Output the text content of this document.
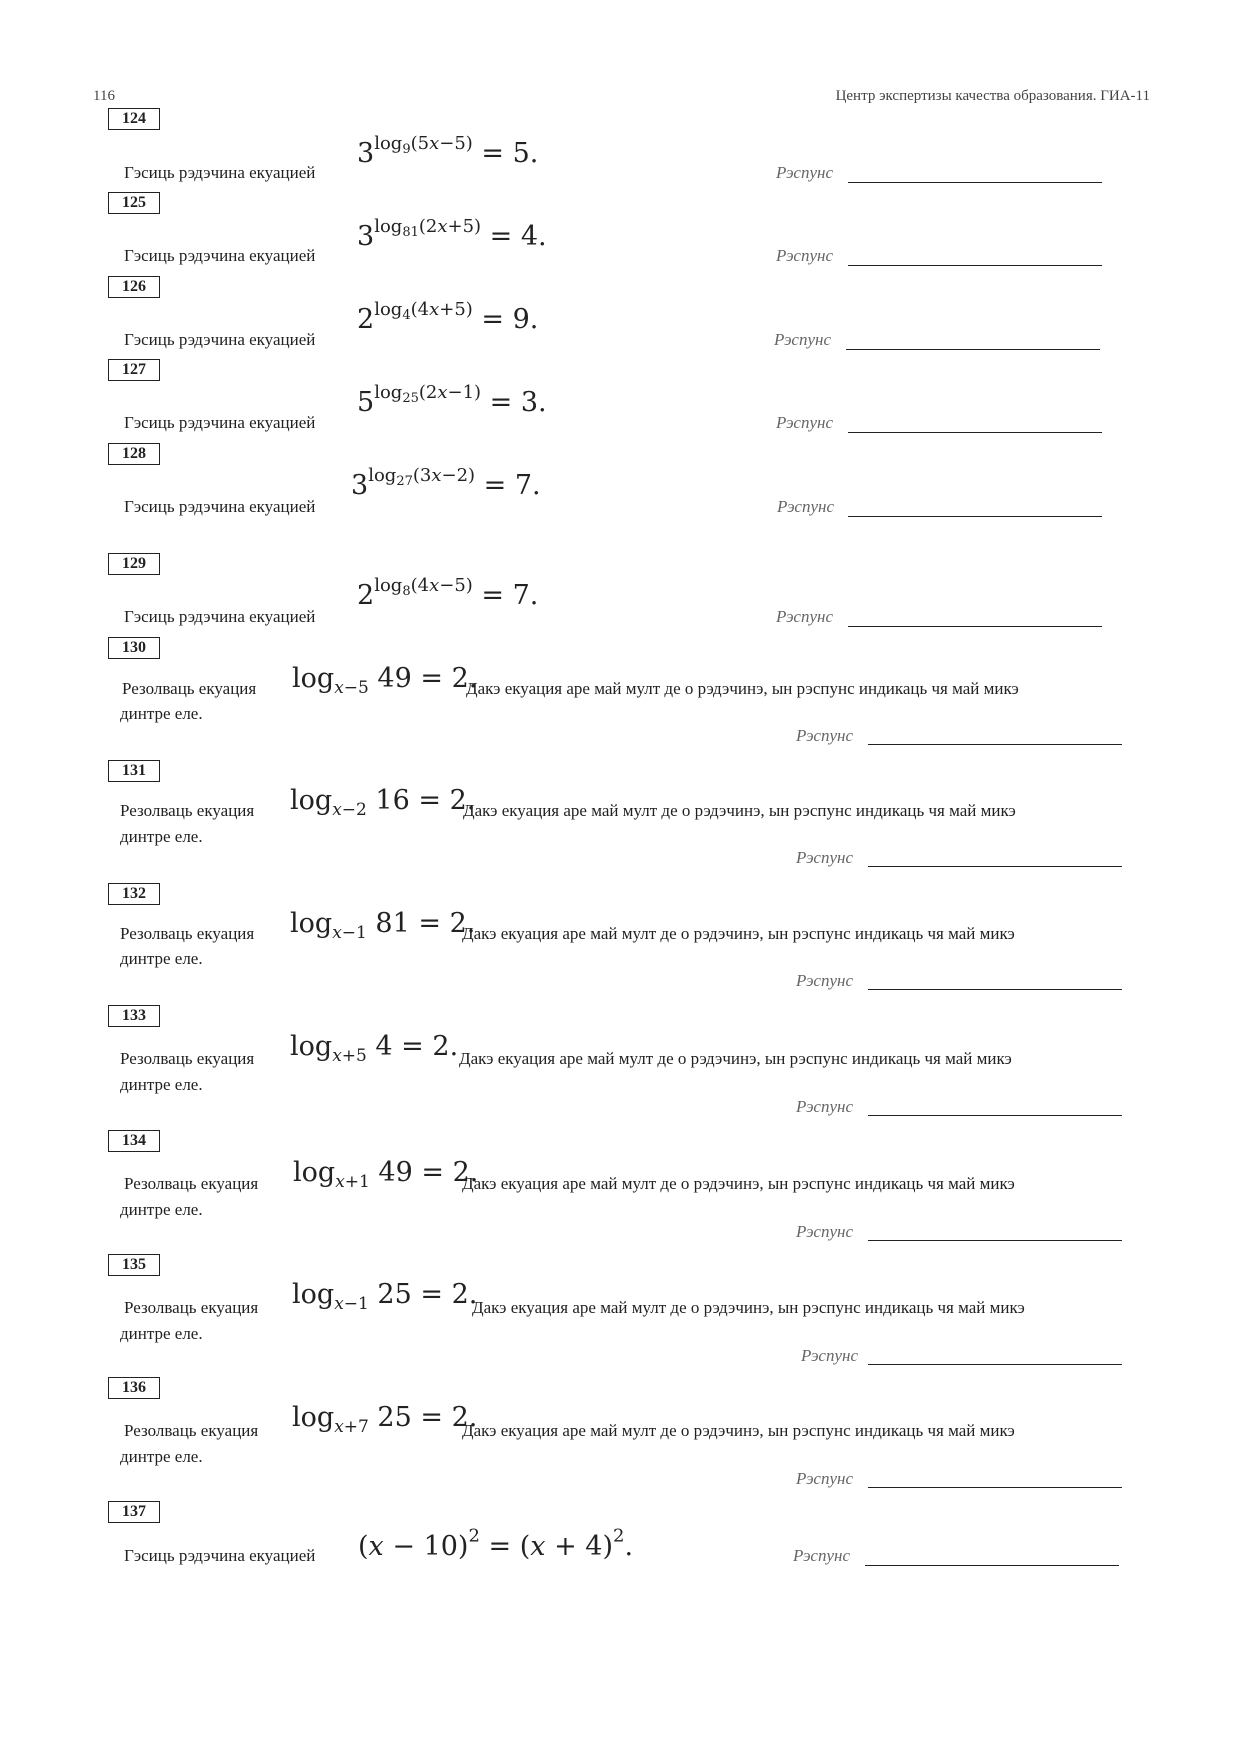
116	Центр экспертизы качества образования. ГИА-11
124
Гэсиць рэдэчина екуацией
$3^{log_9(5x-5)} = 5$.
Рэспунс
125
Гэсиць рэдэчина екуацией
$3^{log_{81}(2x+5)} = 4$.
Рэспунс
126
Гэсиць рэдэчина екуацией
$2^{log_4(4x+5)} = 9$.
Рэспунс
127
Гэсиць рэдэчина екуацией
$5^{log_{25}(2x-1)} = 3$.
Рэспунс
128
Гэсиць рэдэчина екуацией
$3^{log_{27}(3x-2)} = 7$.
Рэспунс
129
Гэсиць рэдэчина екуацией
$2^{log_8(4x-5)} = 7$.
Рэспунс
130
Резолваць екуация $\log_{x-5} 49 = 2$.
Дакэ екуация аре май мулт де о рэдэчинэ, ын рэспунс индикаць чя май микэ
динтре еле.
Рэспунс
131
Резолваць екуация $\log_{x-2} 16 = 2$.
Дакэ екуация аре май мулт де о рэдэчинэ, ын рэспунс индикаць чя май микэ
динтре еле.
Рэспунс
132
Резолваць екуация $\log_{x-1} 81 = 2$.
Дакэ екуация аре май мулт де о рэдэчинэ, ын рэспунс индикаць чя май микэ
динтре еле.
Рэспунс
133
Резолваць екуация $\log_{x+5} 4 = 2$. Дакэ екуация аре май мулт де о рэдэчинэ, ын рэспунс индикаць чя май микэ
динтре еле.
Рэспунс
134
Резолваць екуация $\log_{x+1} 49 = 2$.
Дакэ екуация аре май мулт де о рэдэчинэ, ын рэспунс индикаць чя май микэ
динтре еле.
Рэспунс
135
Резолваць екуация $\log_{x-1} 25 = 2$.
Дакэ екуация аре май мулт де о рэдэчинэ, ын рэспунс индикаць чя май микэ
динтре еле.
Рэспунс
136
Резолваць екуация $\log_{x+7} 25 = 2$.
Дакэ екуация аре май мулт де о рэдэчинэ, ын рэспунс индикаць чя май микэ
динтре еле.
Рэспунс
137
Гэсиць рэдэчина екуацией $(x - 10)^2 = (x + 4)^2$.	Рэспунс
